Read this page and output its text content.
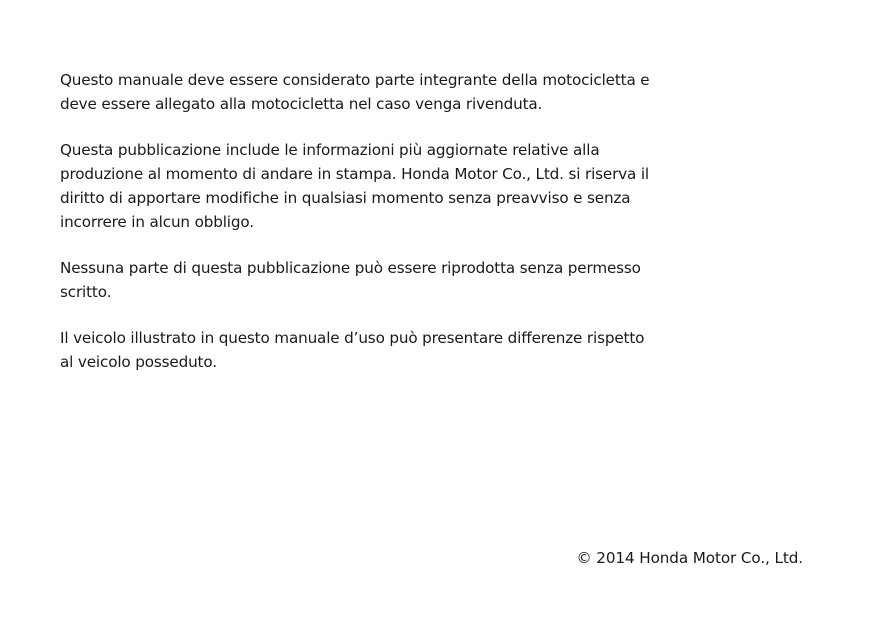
Questo manuale deve essere considerato parte integrante della motocicletta e deve essere allegato alla motocicletta nel caso venga rivenduta.

Questa pubblicazione include le informazioni più aggiornate relative alla produzione al momento di andare in stampa. Honda Motor Co., Ltd. si riserva il diritto di apportare modifiche in qualsiasi momento senza preavviso e senza incorrere in alcun obbligo.

Nessuna parte di questa pubblicazione può essere riprodotta senza permesso scritto.

Il veicolo illustrato in questo manuale d’uso può presentare differenze rispetto al veicolo posseduto.

© 2014 Honda Motor Co., Ltd.
